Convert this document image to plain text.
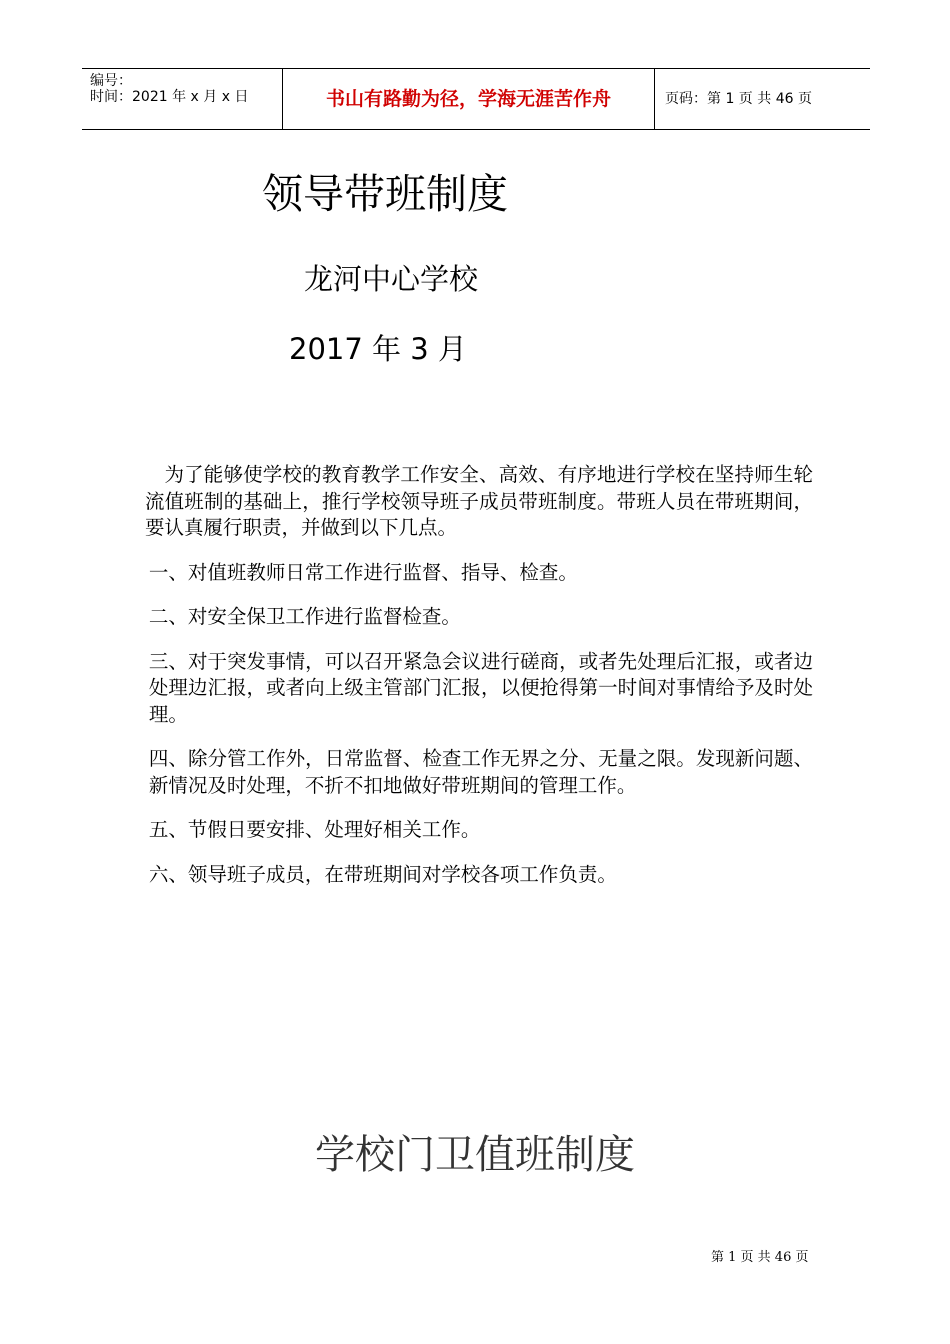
编号：
时间：2021 年 x 月 x 日	书山有路勤为径，学海无涯苦作舟	页码：第 1 页 共 46 页
领导带班制度
龙河中心学校
2017 年 3 月

为了能够使学校的教育教学工作安全、高效、有序地进行学校在坚持师生轮流值班制的基础上，推行学校领导班子成员带班制度。带班人员在带班期间，要认真履行职责，并做到以下几点。

一、对值班教师日常工作进行监督、指导、检查。

二、对安全保卫工作进行监督检查。

三、对于突发事情，可以召开紧急会议进行磋商，或者先处理后汇报，或者边处理边汇报，或者向上级主管部门汇报，以便抢得第一时间对事情给予及时处理。

四、除分管工作外，日常监督、检查工作无界之分、无量之限。发现新问题、新情况及时处理，不折不扣地做好带班期间的管理工作。

五、节假日要安排、处理好相关工作。

六、领导班子成员，在带班期间对学校各项工作负责。

学校门卫值班制度
第 1 页 共 46 页
